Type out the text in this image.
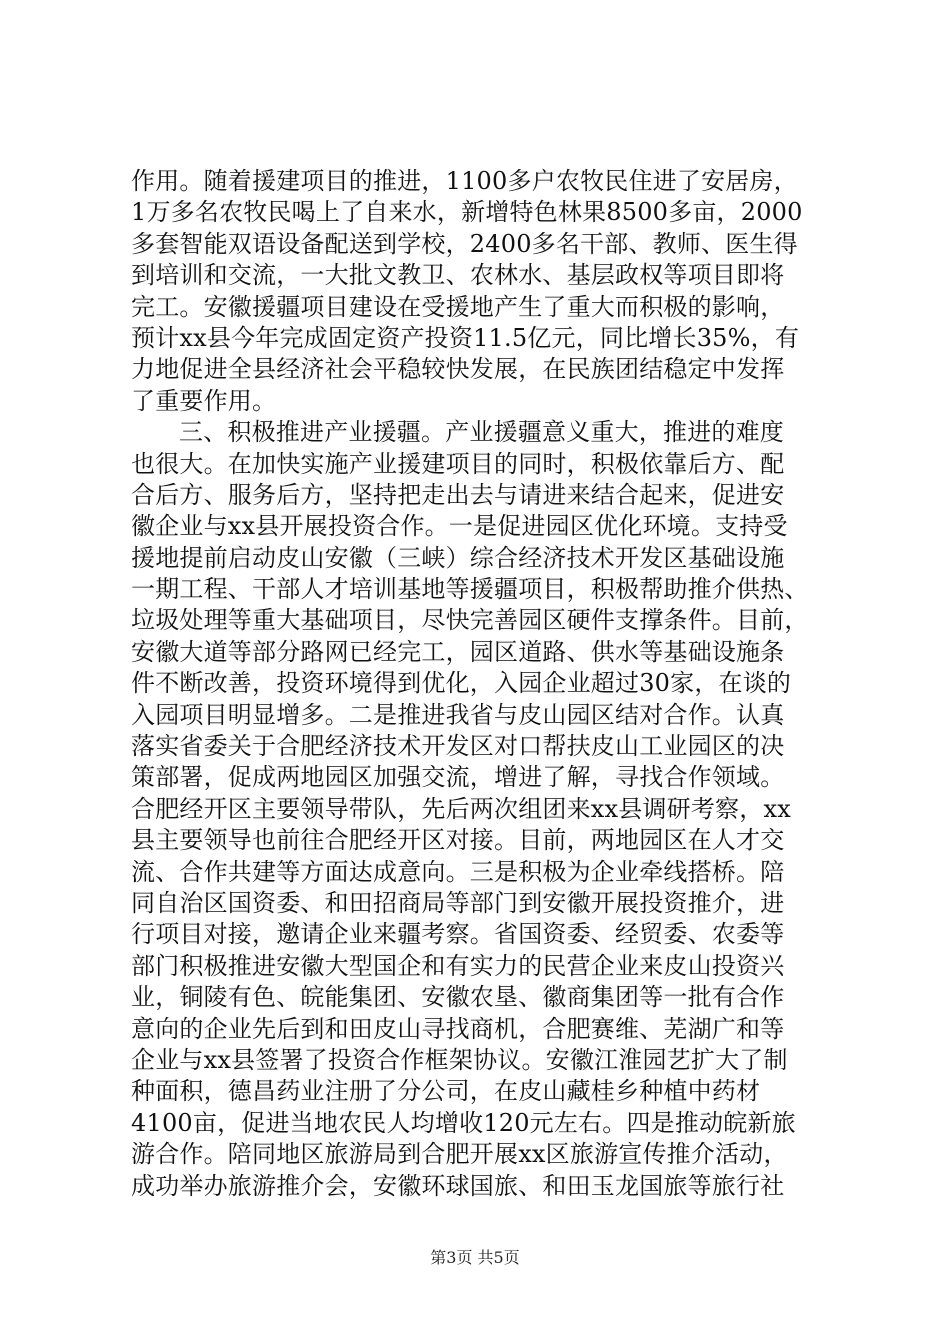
作用。随着援建项目的推进，1100多户农牧民住进了安居房，
1万多名农牧民喝上了自来水，新增特色林果8500多亩，2000
多套智能双语设备配送到学校，2400多名干部、教师、医生得
到培训和交流，一大批文教卫、农林水、基层政权等项目即将
完工。安徽援疆项目建设在受援地产生了重大而积极的影响，
预计xx县今年完成固定资产投资11.5亿元，同比增长35%，有
力地促进全县经济社会平稳较快发展，在民族团结稳定中发挥
了重要作用。
三、积极推进产业援疆。产业援疆意义重大，推进的难度
也很大。在加快实施产业援建项目的同时，积极依靠后方、配
合后方、服务后方，坚持把走出去与请进来结合起来，促进安
徽企业与xx县开展投资合作。一是促进园区优化环境。支持受
援地提前启动皮山安徽（三峡）综合经济技术开发区基础设施
一期工程、干部人才培训基地等援疆项目，积极帮助推介供热、
垃圾处理等重大基础项目，尽快完善园区硬件支撑条件。目前，
安徽大道等部分路网已经完工，园区道路、供水等基础设施条
件不断改善，投资环境得到优化，入园企业超过30家，在谈的
入园项目明显增多。二是推进我省与皮山园区结对合作。认真
落实省委关于合肥经济技术开发区对口帮扶皮山工业园区的决
策部署，促成两地园区加强交流，增进了解，寻找合作领域。
合肥经开区主要领导带队，先后两次组团来xx县调研考察，xx
县主要领导也前往合肥经开区对接。目前，两地园区在人才交
流、合作共建等方面达成意向。三是积极为企业牵线搭桥。陪
同自治区国资委、和田招商局等部门到安徽开展投资推介，进
行项目对接，邀请企业来疆考察。省国资委、经贸委、农委等
部门积极推进安徽大型国企和有实力的民营企业来皮山投资兴
业，铜陵有色、皖能集团、安徽农垦、徽商集团等一批有合作
意向的企业先后到和田皮山寻找商机，合肥赛维、芜湖广和等
企业与xx县签署了投资合作框架协议。安徽江淮园艺扩大了制
种面积，德昌药业注册了分公司，在皮山藏桂乡种植中药材
4100亩，促进当地农民人均增收120元左右。四是推动皖新旅
游合作。陪同地区旅游局到合肥开展xx区旅游宣传推介活动，
成功举办旅游推介会，安徽环球国旅、和田玉龙国旅等旅行社
第3页 共5页
